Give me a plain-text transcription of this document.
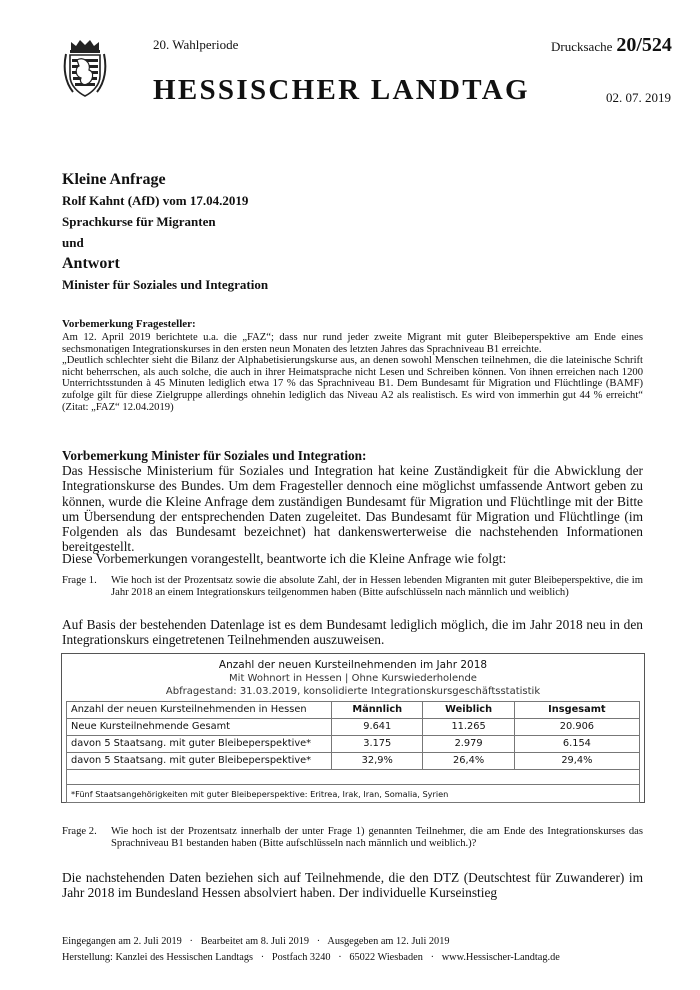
20. Wahlperiode	Drucksache 20/524
HESSISCHER LANDTAG	02. 07. 2019
Kleine Anfrage
Rolf Kahnt (AfD) vom 17.04.2019
Sprachkurse für Migranten
und
Antwort
Minister für Soziales und Integration
Vorbemerkung Fragesteller:
Am 12. April 2019 berichtete u.a. die „FAZ“; dass nur rund jeder zweite Migrant mit guter Bleibeperspektive am Ende eines sechsmonatigen Integrationskurses in den ersten neun Monaten des letzten Jahres das Sprachniveau B1 erreichte.
„Deutlich schlechter sieht die Bilanz der Alphabetisierungskurse aus, an denen sowohl Menschen teilnehmen, die die lateinische Schrift nicht beherrschen, als auch solche, die auch in ihrer Heimatsprache nicht Lesen und Schreiben können. Von ihnen erreichen nach 1200 Unterrichtsstunden à 45 Minuten lediglich etwa 17 % das Sprachniveau B1. Dem Bundesamt für Migration und Flüchtlinge (BAMF) zufolge gilt für diese Zielgruppe allerdings ohnehin lediglich das Niveau A2 als realistisch. Es wird von immerhin gut 44 % erreicht“ (Zitat: „FAZ“ 12.04.2019)
Vorbemerkung Minister für Soziales und Integration:
Das Hessische Ministerium für Soziales und Integration hat keine Zuständigkeit für die Abwicklung der Integrationskurse des Bundes. Um dem Fragesteller dennoch eine möglichst umfassende Antwort geben zu können, wurde die Kleine Anfrage dem zuständigen Bundesamt für Migration und Flüchtlinge mit der Bitte um Übersendung der entsprechenden Daten zugeleitet. Das Bundesamt für Migration und Flüchtlinge (im Folgenden als das Bundesamt bezeichnet) hat dankenswerterweise die nachstehenden Informationen bereitgestellt.
Diese Vorbemerkungen vorangestellt, beantworte ich die Kleine Anfrage wie folgt:
Frage 1. Wie hoch ist der Prozentsatz sowie die absolute Zahl, der in Hessen lebenden Migranten mit guter Bleibeperspektive, die im Jahr 2018 an einem Integrationskurs teilgenommen haben (Bitte aufschlüsseln nach männlich und weiblich)
Auf Basis der bestehenden Datenlage ist es dem Bundesamt lediglich möglich, die im Jahr 2018 neu in den Integrationskurs eingetretenen Teilnehmenden auszuweisen.
Anzahl der neuen Kursteilnehmenden im Jahr 2018
Mit Wohnort in Hessen | Ohne Kurswiederholende
Abfragestand: 31.03.2019, konsolidierte Integrationskursgeschäftsstatistik
Anzahl der neuen Kursteilnehmenden in Hessen	Männlich	Weiblich	Insgesamt
Neue Kursteilnehmende Gesamt	9.641	11.265	20.906
davon 5 Staatsang. mit guter Bleibeperspektive*	3.175	2.979	6.154
davon 5 Staatsang. mit guter Bleibeperspektive*	32,9%	26,4%	29,4%

*Fünf Staatsangehörigkeiten mit guter Bleibeperspektive: Eritrea, Irak, Iran, Somalia, Syrien			
Frage 2. Wie hoch ist der Prozentsatz innerhalb der unter Frage 1) genannten Teilnehmer, die am Ende des Integrationskurses das Sprachniveau B1 bestanden haben (Bitte aufschlüsseln nach männlich und weiblich.)?
Die nachstehenden Daten beziehen sich auf Teilnehmende, die den DTZ (Deutschtest für Zuwanderer) im Jahr 2018 im Bundesland Hessen absolviert haben. Der individuelle Kurseinstieg
Eingegangen am 2. Juli 2019   ·   Bearbeitet am 8. Juli 2019   ·   Ausgegeben am 12. Juli 2019
Herstellung: Kanzlei des Hessischen Landtags   ·   Postfach 3240   ·   65022 Wiesbaden   ·   www.Hessischer-Landtag.de
